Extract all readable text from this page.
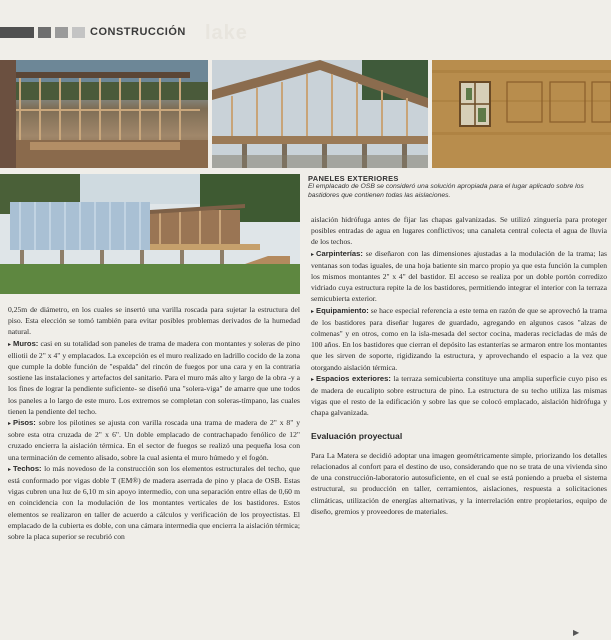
CONSTRUCCIÓN lake
PANELES EXTERIORES
El emplacado de OSB se consideró una solución apropiada para el lugar aplicado sobre los bastidores que contienen todas las aislaciones.

0,25m de diámetro, en los cuales se insertó una varilla roscada para sujetar la estructura del piso. Esta elección se tomó también para evitar posibles problemas derivados de la humedad natural.

▸ Muros: casi en su totalidad son paneles de trama de madera con montantes y soleras de pino elliotii de 2" x 4" y emplacados. La excepción es el muro realizado en ladrillo cocido de la zona que cumple la doble función de "espalda" del rincón de fuegos por una cara y en la contraria sostiene las instalaciones y artefactos del sanitario. Para el muro más alto y largo de la obra -y a los fines de lograr la pendiente suficiente- se diseñó una "solera-viga" de amarre que une todos los paneles a lo largo de este muro. Los extremos se completan con soleras-tímpano, las cuales tienen la pendiente del techo.

▸ Pisos: sobre los pilotines se ajusta con varilla roscada una trama de madera de 2" x 8" y sobre esta otra cruzada de 2" x 6". Un doble emplacado de contrachapado fenólico de 12" cruzado encierra la aislación térmica. En el sector de fuegos se realizó una pequeña losa con una terminación de cemento alisado, sobre la cual asienta el muro húmedo y el fogón.

▸ Techos: lo más novedoso de la construcción son los elementos estructurales del techo, que está conformado por vigas doble T (EM®) de madera aserrada de pino y placa de OSB. Estas vigas cubren una luz de 6,10 m sin apoyo intermedio, con una separación entre ellas de 0,60 m en coincidencia con la modulación de los montantes verticales de los bastidores. Estos elementos se realizaron en taller de acuerdo a cálculos y verificación de los proyectistas. El emplacado de la cubierta es doble, con una cámara intermedia que encierra la aislación térmica; sobre la placa superior se recubrió con

aislación hidrófuga antes de fijar las chapas galvanizadas. Se utilizó zinguería para proteger posibles entradas de agua en lugares conflictivos; una canaleta central colecta el agua de lluvia de los techos.

▸ Carpinterías: se diseñaron con las dimensiones ajustadas a la modulación de la trama; las ventanas son todas iguales, de una hoja batiente sin marco propio ya que esta función la cumplen los mismos montantes 2" x 4" del bastidor. El acceso se realiza por un doble portón corredizo vidriado cuya estructura repite la de los bastidores, permitiendo integrar el interior con la terraza semicubierta exterior.

▸ Equipamiento: se hace especial referencia a este tema en razón de que se aprovechó la trama de los bastidores para diseñar lugares de guardado, agregando en algunos casos "alzas de colmenas" y en otros, como en la isla-mesada del sector cocina, maderas recicladas de más de 100 años. En los bastidores que cierran el depósito las estanterías se armaron entre los montantes que les sirven de soporte, rigidizando la estructura, y aprovechando el espacio a la vez que otorgando aislación térmica.

▸ Espacios exteriores: la terraza semicubierta constituye una amplia superficie cuyo piso es de madera de eucalipto sobre estructura de pino. La estructura de su techo utiliza las mismas vigas que el resto de la edificación y sobre las que se colocó emplacado, aislación hidrófuga y chapa galvanizada.

Evaluación proyectual

Para La Matera se decidió adoptar una imagen geométricamente simple, priorizando los detalles relacionados al confort para el destino de uso, considerando que no se trata de una vivienda sino de una construcción-laboratorio autosuficiente, en el cual se está poniendo a prueba el sistema estructural, su producción en taller, cerramientos, aislaciones, respuesta a solicitaciones climáticas, utilización de energías alternativas, y la interrelación entre propietarios, equipo de diseño, gremios y proveedores de materiales.

▶
